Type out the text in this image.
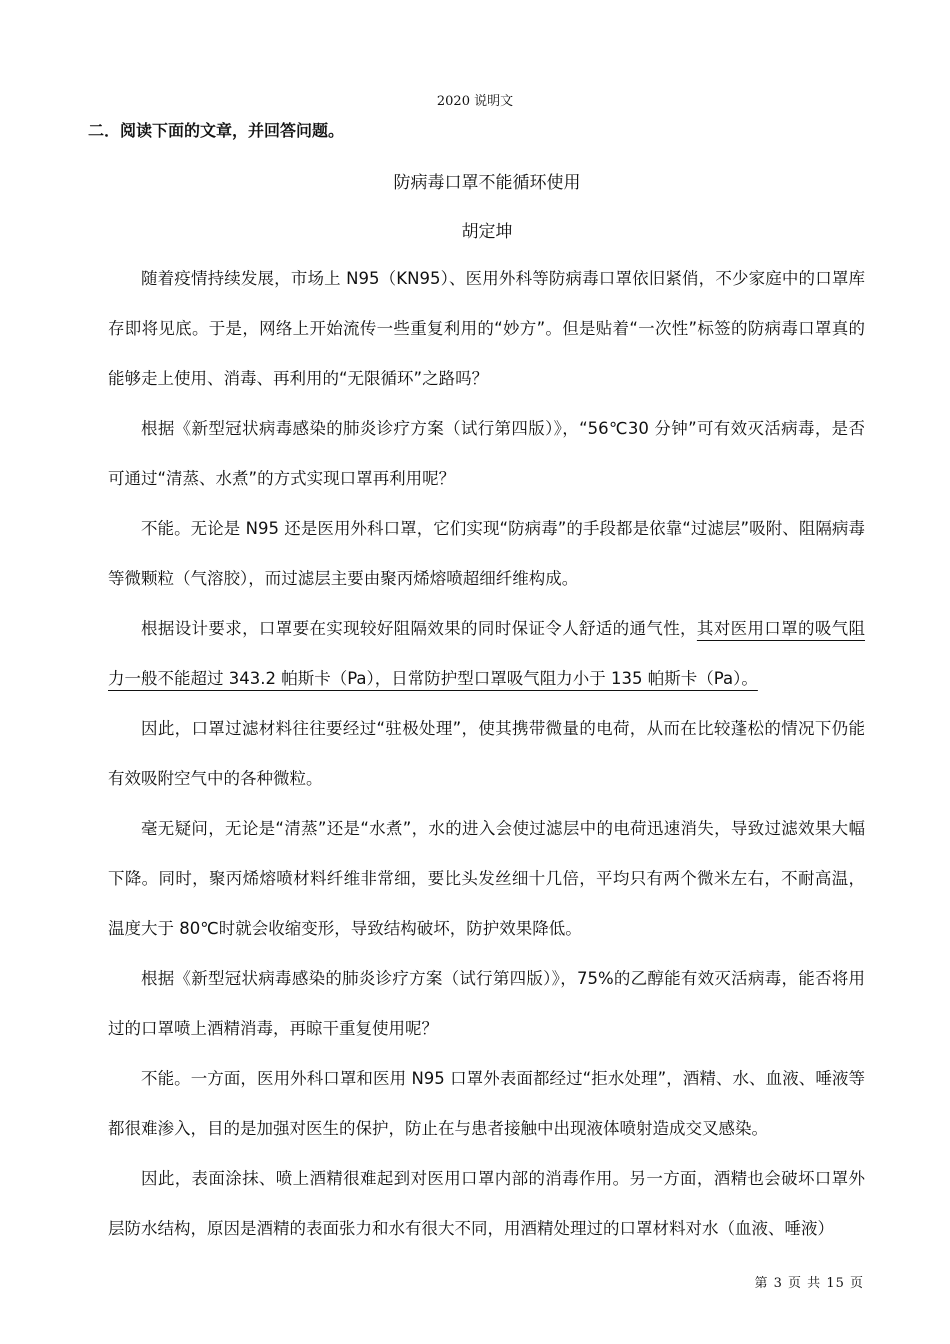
2020 说明文
二．阅读下面的文章，并回答问题。
防病毒口罩不能循环使用
胡定坤

随着疫情持续发展，市场上 N95（KN95）、医用外科等防病毒口罩依旧紧俏，不少家庭中的口罩库存即将见底。于是，网络上开始流传一些重复利用的“妙方”。但是贴着“一次性”标签的防病毒口罩真的能够走上使用、消毒、再利用的“无限循环”之路吗？

根据《新型冠状病毒感染的肺炎诊疗方案（试行第四版）》，“56℃30 分钟”可有效灭活病毒，是否可通过“清蒸、水煮”的方式实现口罩再利用呢？

不能。无论是 N95 还是医用外科口罩，它们实现“防病毒”的手段都是依靠“过滤层”吸附、阻隔病毒等微颗粒（气溶胶），而过滤层主要由聚丙烯熔喷超细纤维构成。

根据设计要求，口罩要在实现较好阻隔效果的同时保证令人舒适的通气性，其对医用口罩的吸气阻力一般不能超过 343.2 帕斯卡（Pa），日常防护型口罩吸气阻力小于 135 帕斯卡（Pa）。

因此，口罩过滤材料往往要经过“驻极处理”，使其携带微量的电荷，从而在比较蓬松的情况下仍能有效吸附空气中的各种微粒。

毫无疑问，无论是“清蒸”还是“水煮”，水的进入会使过滤层中的电荷迅速消失，导致过滤效果大幅下降。同时，聚丙烯熔喷材料纤维非常细，要比头发丝细十几倍，平均只有两个微米左右，不耐高温，温度大于 80℃时就会收缩变形，导致结构破坏，防护效果降低。

根据《新型冠状病毒感染的肺炎诊疗方案（试行第四版）》，75%的乙醇能有效灭活病毒，能否将用过的口罩喷上酒精消毒，再晾干重复使用呢？

不能。一方面，医用外科口罩和医用 N95 口罩外表面都经过“拒水处理”，酒精、水、血液、唾液等都很难渗入，目的是加强对医生的保护，防止在与患者接触中出现液体喷射造成交叉感染。

因此，表面涂抹、喷上酒精很难起到对医用口罩内部的消毒作用。另一方面，酒精也会破坏口罩外层防水结构，原因是酒精的表面张力和水有很大不同，用酒精处理过的口罩材料对水（血液、唾液）

第 3 页 共 15 页
